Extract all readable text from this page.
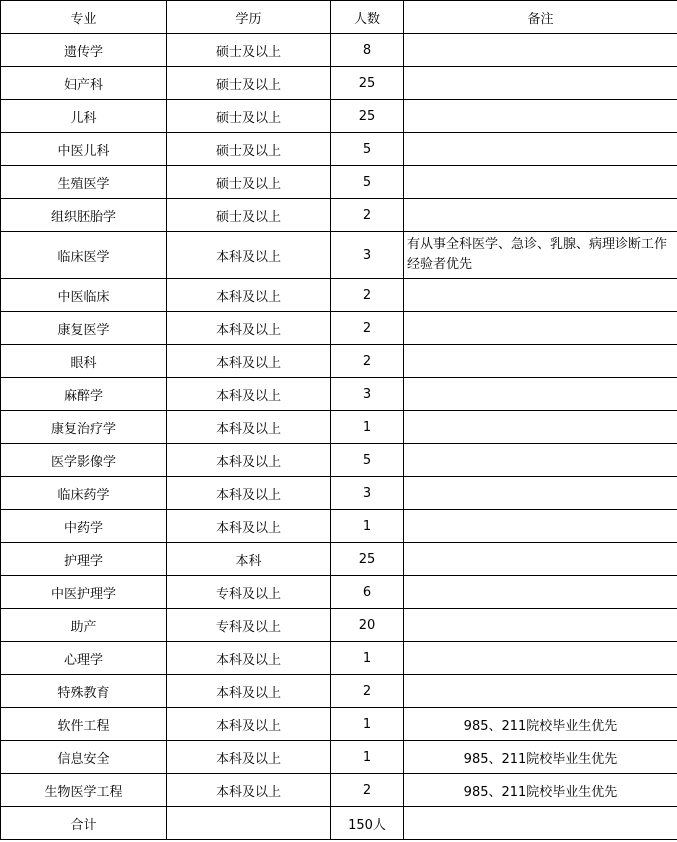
专业	学历	人数	备注
遗传学	硕士及以上	8	
妇产科	硕士及以上	25	
儿科	硕士及以上	25	
中医儿科	硕士及以上	5	
生殖医学	硕士及以上	5	
组织胚胎学	硕士及以上	2	
临床医学	本科及以上	3	有从事全科医学、急诊、乳腺、病理诊断工作经验者优先
中医临床	本科及以上	2	
康复医学	本科及以上	2	
眼科	本科及以上	2	
麻醉学	本科及以上	3	
康复治疗学	本科及以上	1	
医学影像学	本科及以上	5	
临床药学	本科及以上	3	
中药学	本科及以上	1	
护理学	本科	25	
中医护理学	专科及以上	6	
助产	专科及以上	20	
心理学	本科及以上	1	
特殊教育	本科及以上	2	
软件工程	本科及以上	1	985、211院校毕业生优先
信息安全	本科及以上	1	985、211院校毕业生优先
生物医学工程	本科及以上	2	985、211院校毕业生优先
合计		150人	
